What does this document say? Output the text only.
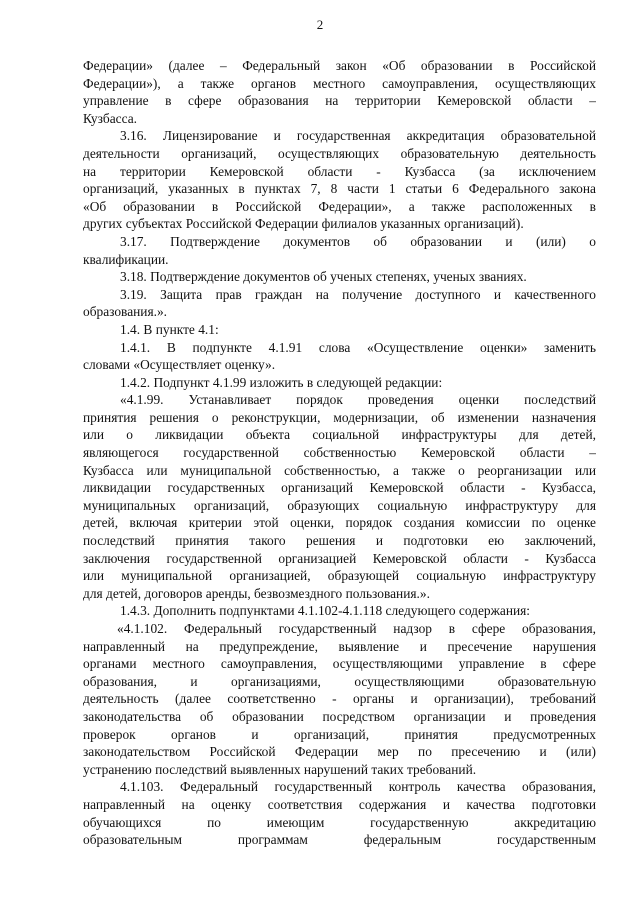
2
Федерации» (далее – Федеральный закон «Об образовании в Российской
Федерации»), а также органов местного самоуправления, осуществляющих
управление в сфере образования на территории Кемеровской области –
Кузбасса.
3.16. Лицензирование и государственная аккредитация образовательной
деятельности организаций, осуществляющих образовательную деятельность
на территории Кемеровской области - Кузбасса (за исключением
организаций, указанных в пунктах 7, 8 части 1 статьи 6 Федерального закона
«Об образовании в Российской Федерации», а также расположенных в
других субъектах Российской Федерации филиалов указанных организаций).
3.17. Подтверждение документов об образовании и (или) о
квалификации.
3.18. Подтверждение документов об ученых степенях, ученых званиях.
3.19. Защита прав граждан на получение доступного и качественного
образования.».
1.4. В пункте 4.1:
1.4.1. В подпункте 4.1.91 слова «Осуществление оценки» заменить
словами «Осуществляет оценку».
1.4.2. Подпункт 4.1.99 изложить в следующей редакции:
«4.1.99. Устанавливает порядок проведения оценки последствий
принятия решения о реконструкции, модернизации, об изменении назначения
или о ликвидации объекта социальной инфраструктуры для детей,
являющегося государственной собственностью Кемеровской области –
Кузбасса или муниципальной собственностью, а также о реорганизации или
ликвидации государственных организаций Кемеровской области - Кузбасса,
муниципальных организаций, образующих социальную инфраструктуру для
детей, включая критерии этой оценки, порядок создания комиссии по оценке
последствий принятия такого решения и подготовки ею заключений,
заключения государственной организацией Кемеровской области - Кузбасса
или муниципальной организацией, образующей социальную инфраструктуру
для детей, договоров аренды, безвозмездного пользования.».
1.4.3. Дополнить подпунктами 4.1.102-4.1.118 следующего содержания:
«4.1.102. Федеральный государственный надзор в сфере образования,
направленный на предупреждение, выявление и пресечение нарушения
органами местного самоуправления, осуществляющими управление в сфере
образования, и организациями, осуществляющими образовательную
деятельность (далее соответственно - органы и организации), требований
законодательства об образовании посредством организации и проведения
проверок органов и организаций, принятия предусмотренных
законодательством Российской Федерации мер по пресечению и (или)
устранению последствий выявленных нарушений таких требований.
4.1.103. Федеральный государственный контроль качества образования,
направленный на оценку соответствия содержания и качества подготовки
обучающихся по имеющим государственную аккредитацию
образовательным программам федеральным государственным
